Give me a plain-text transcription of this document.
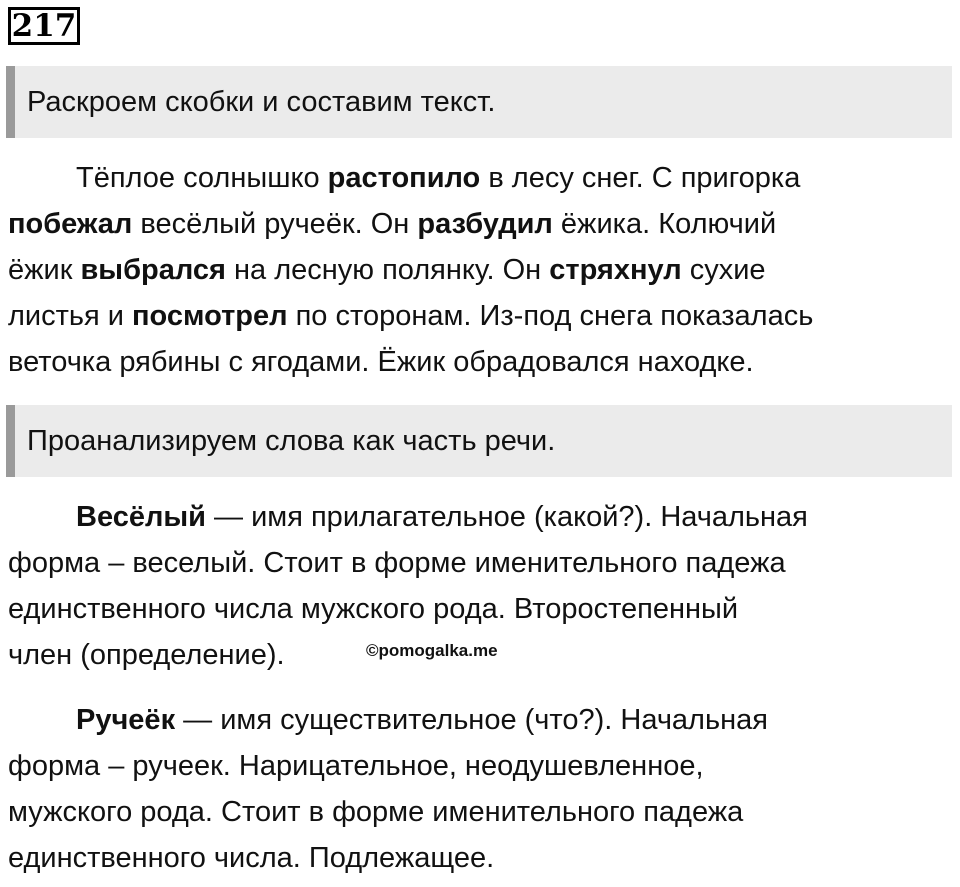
217
Раскроем скобки и составим текст.
Тёплое солнышко растопило в лесу снег. С пригорка
побежал весёлый ручеёк. Он разбудил ёжика. Колючий
ёжик выбрался на лесную полянку. Он стряхнул сухие
листья и посмотрел по сторонам. Из-под снега показалась
веточка рябины с ягодами. Ёжик обрадовался находке.
Проанализируем слова как часть речи.
Весёлый — имя прилагательное (какой?). Начальная
форма – веселый. Стоит в форме именительного падежа
единственного числа мужского рода. Второстепенный
член (определение).	©pomogalka.me
Ручеёк — имя существительное (что?). Начальная
форма – ручеек. Нарицательное, неодушевленное,
мужского рода. Стоит в форме именительного падежа
единственного числа. Подлежащее.
